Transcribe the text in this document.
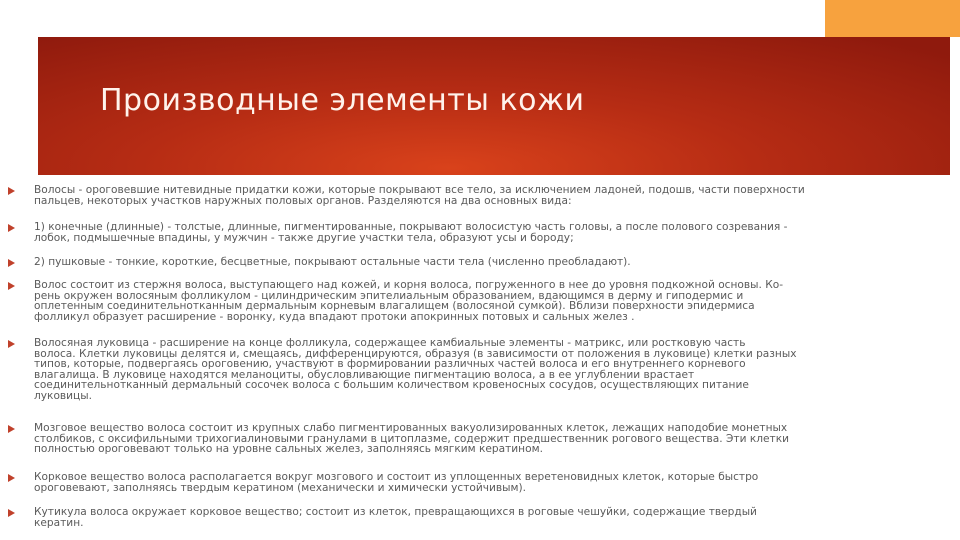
Производные элементы кожи

Волосы - ороговевшие нитевидные придатки кожи, которые покрывают все тело, за исключением ладоней, подошв, части поверхности
пальцев, некоторых участков наружных половых органов. Разделяются на два основных вида:

1) конечные (длинные) - толстые, длинные, пигментированные, покрывают волосистую часть головы, а после полового созревания -
лобок, подмышечные впадины, у мужчин - также другие участки тела, образуют усы и бороду;

2) пушковые - тонкие, короткие, бесцветные, покрывают остальные части тела (численно преобладают).

Волос состоит из стержня волоса, выступающего над кожей, и корня волоса, погруженного в нее до уровня подкожной основы. Ко-
рень окружен волосяным фолликулом - цилиндрическим эпителиальным образованием, вдающимся в дерму и гиподермис и
оплетенным соединительнотканным дермальным корневым влагалищем (волосяной сумкой). Вблизи поверхности эпидермиса
фолликул образует расширение - воронку, куда впадают протоки апокринных потовых и сальных желез .

Волосяная луковица - расширение на конце фолликула, содержащее камбиальные элементы - матрикс, или ростковую часть
волоса. Клетки луковицы делятся и, смещаясь, дифференцируются, образуя (в зависимости от положения в луковице) клетки разных
типов, которые, подвергаясь ороговению, участвуют в формировании различных частей волоса и его внутреннего корневого
влагалища. В луковице находятся меланоциты, обусловливающие пигментацию волоса, а в ее углублении врастает
соединительнотканный дермальный сосочек волоса с большим количеством кровеносных сосудов, осуществляющих питание
луковицы.

Мозговое вещество волоса состоит из крупных слабо пигментированных вакуолизированных клеток, лежащих наподобие монетных
столбиков, с оксифильными трихогиалиновыми гранулами в цитоплазме, содержит предшественник рогового вещества. Эти клетки
полностью ороговевают только на уровне сальных желез, заполняясь мягким кератином.

Корковое вещество волоса располагается вокруг мозгового и состоит из уплощенных веретеновидных клеток, которые быстро
ороговевают, заполняясь твердым кератином (механически и химически устойчивым).

Кутикула волоса окружает корковое вещество; состоит из клеток, превращающихся в роговые чешуйки, содержащие твердый
кератин.
